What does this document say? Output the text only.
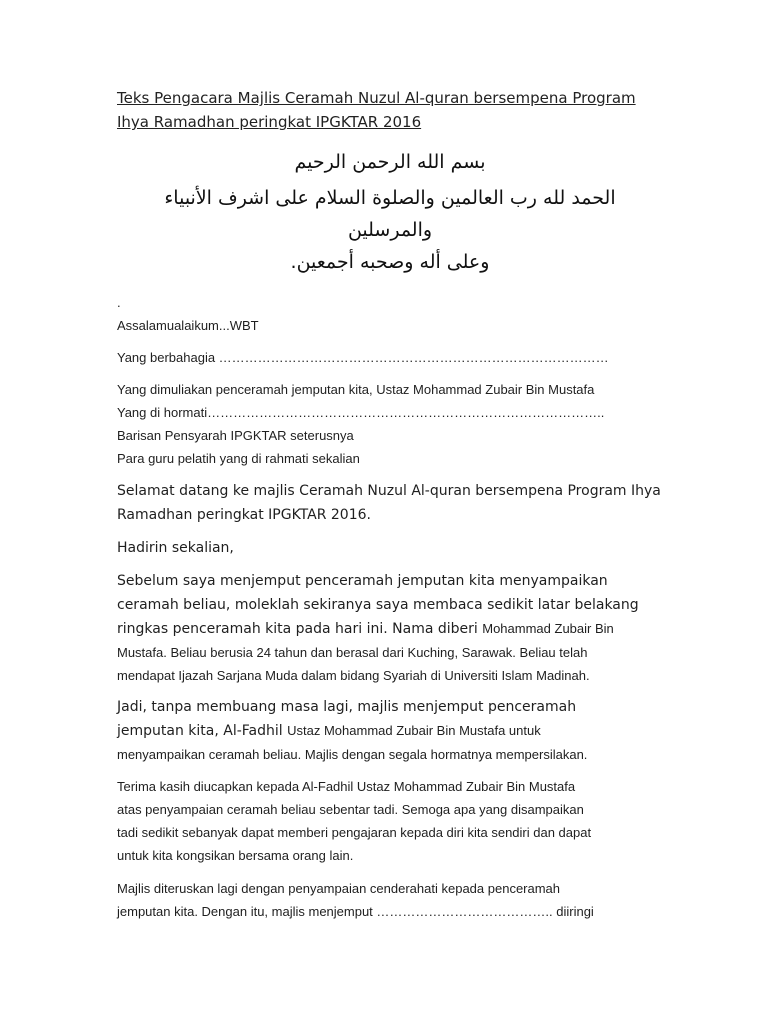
Teks Pengacara Majlis Ceramah Nuzul Al-quran bersempena Program Ihya Ramadhan peringkat IPGKTAR 2016

بسم الله الرحمن الرحيم
الحمد لله رب العالمين والصلوة السلام على اشرف الأنبياء
والمرسلين
وعلى أله وصحبه أجمعين.

.

Assalamualaikum...WBT

Yang berbahagia ………………………………………………………………………………

Yang dimuliakan penceramah jemputan kita, Ustaz Mohammad Zubair Bin Mustafa
Yang di hormati………………………………………………………………………………..
Barisan Pensyarah IPGKTAR seterusnya
Para guru pelatih yang di rahmati sekalian
Selamat datang ke majlis Ceramah Nuzul Al-quran bersempena Program Ihya
Ramadhan peringkat IPGKTAR 2016.

Hadirin sekalian,

Sebelum saya menjemput penceramah jemputan kita menyampaikan
ceramah beliau, moleklah sekiranya saya membaca sedikit latar belakang
ringkas penceramah kita pada hari ini. Nama diberi Mohammad Zubair Bin
Mustafa. Beliau berusia 24 tahun dan berasal dari Kuching, Sarawak. Beliau telah
mendapat Ijazah Sarjana Muda dalam bidang Syariah di Universiti Islam Madinah.
Jadi, tanpa membuang masa lagi, majlis menjemput penceramah
jemputan kita, Al-Fadhil Ustaz Mohammad Zubair Bin Mustafa untuk
menyampaikan ceramah beliau. Majlis dengan segala hormatnya mempersilakan.
Terima kasih diucapkan kepada Al-Fadhil Ustaz Mohammad Zubair Bin Mustafa
atas penyampaian ceramah beliau sebentar tadi. Semoga apa yang disampaikan
tadi sedikit sebanyak dapat memberi pengajaran kepada diri kita sendiri dan dapat
untuk kita kongsikan bersama orang lain.
Majlis diteruskan lagi dengan penyampaian cenderahati kepada penceramah
jemputan kita. Dengan itu, majlis menjemput ………………………………….. diiringi
